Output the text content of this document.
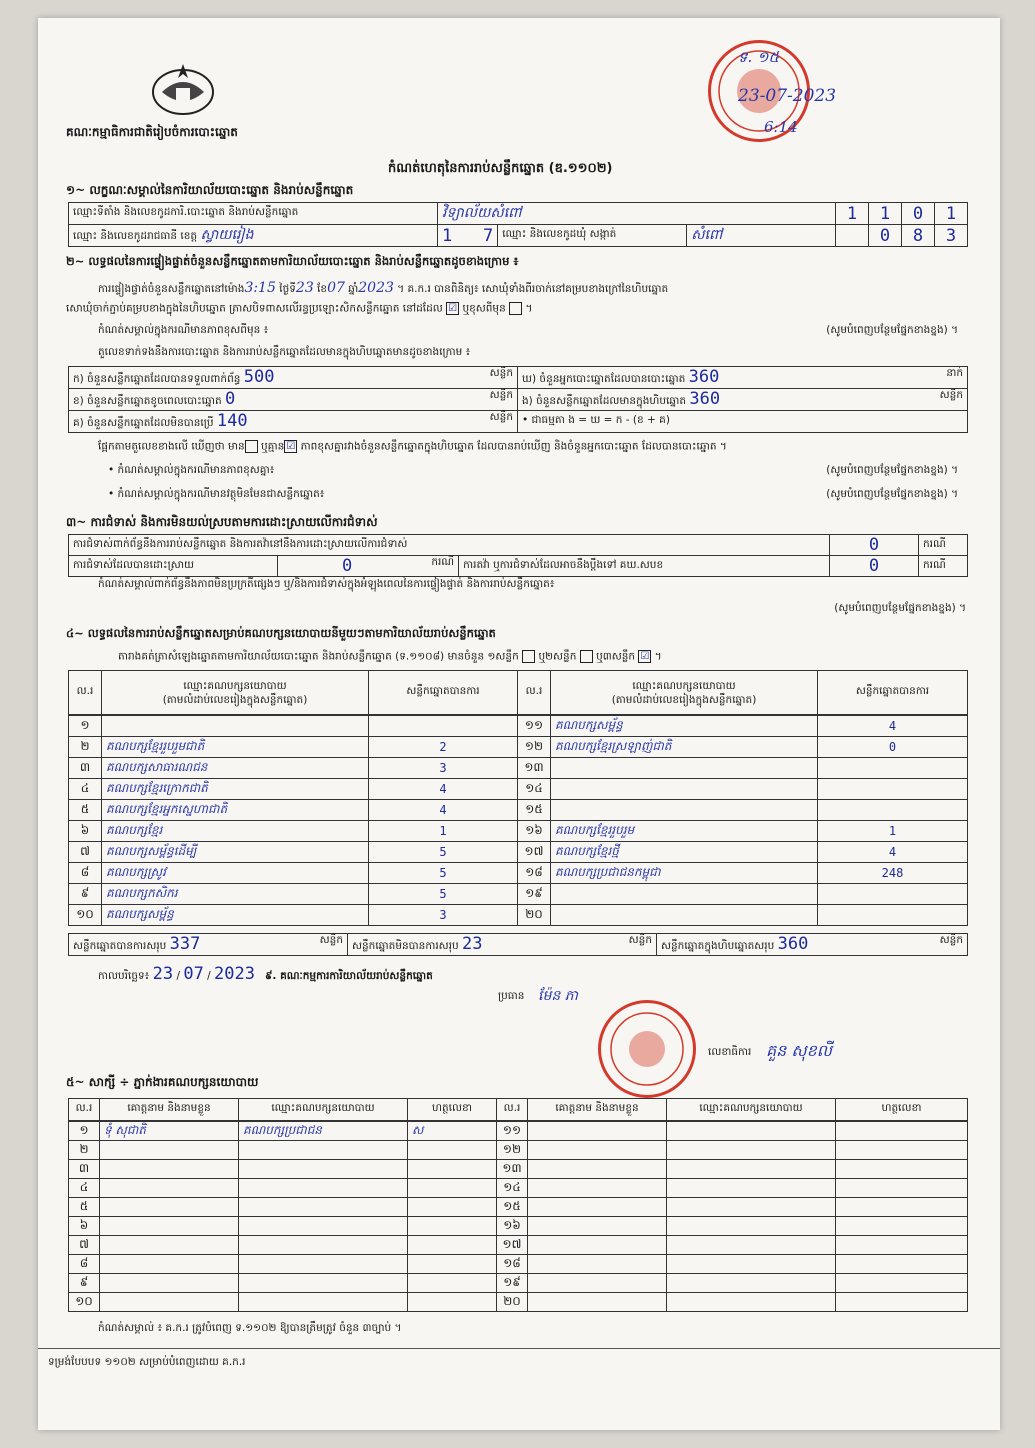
គណៈកម្មាធិការជាតិរៀបចំការបោះឆ្នោត
កំណត់ហេតុនៃការរាប់សន្លឹកឆ្នោត (ឌ.១១០២)
ទ. ១៥
23-07-2023
6:14
១~ លក្ខណៈសម្គាល់នៃការិយាល័យបោះឆ្នោត និងរាប់សន្លឹកឆ្នោត
ឈ្មោះទីតាំង និងលេខកូដការិ.បោះឆ្នោត និងរាប់សន្លឹកឆ្នោត	វិទ្យាល័យសំពៅ			1	1	0	1
ឈ្មោះ និងលេខកូដរាជធានី ខេត្ត ស្វាយរៀង	1 7	ឈ្មោះ និងលេខកូដឃុំ សង្កាត់	សំពៅ		0	8	3
២~ លទ្ធផលនៃការផ្ទៀងផ្ទាត់ចំនួនសន្លឹកឆ្នោតតាមការិយាល័យបោះឆ្នោត និងរាប់សន្លឹកឆ្នោតដូចខាងក្រោម ៖
ការផ្ទៀងផ្ទាត់ចំនួនសន្លឹកឆ្នោតនៅម៉ោង3:15 ថ្ងៃទី23 ខែ07 ឆ្នាំ2023 ។ គ.ក.រ បានពិនិត្យ៖ សោឃុំទាំងពីរចាក់នៅគម្របខាងក្រៅនៃហិបឆ្នោត
សោឃុំចាក់ភ្ជាប់គម្របខាងក្នុងនៃហិបឆ្នោត ត្រាសបិទពាសលើរន្ធប្រឡោះសិកសន្លឹកឆ្នោត នៅដដែល ☑ ឬខុសពីមុន  ។
កំណត់សម្គាល់ក្នុងករណីមានភាពខុសពីមុន ៖	(សូមបំពេញបន្ថែមផ្នែកខាងខ្នង) ។
តួលេខទាក់ទងនឹងការបោះឆ្នោត និងការរាប់សន្លឹកឆ្នោតដែលមានក្នុងហិបឆ្នោតមានដូចខាងក្រោម ៖
ក) ចំនួនសន្លឹកឆ្នោតដែលបានទទួលពាក់ព័ន្ធ 500 សន្លឹក	ឃ) ចំនួនអ្នកបោះឆ្នោតដែលបានបោះឆ្នោត 360 នាក់

ខ) ចំនួនសន្លឹកឆ្នោតខូចពេលបោះឆ្នោត 0 សន្លឹក	ង) ចំនួនសន្លឹកឆ្នោតដែលមានក្នុងហិបឆ្នោត 360 សន្លឹក

គ) ចំនួនសន្លឹកឆ្នោតដែលមិនបានប្រើ 140 សន្លឹក	• ជាធម្មតា ង = ឃ = ក - (ខ + គ)
ផ្អែកតាមតួលេខខាងលើ ឃើញថា មាន ឬគ្មាន ☑ ភាពខុសគ្នារវាងចំនួនសន្លឹកឆ្នោតក្នុងហិបឆ្នោត ដែលបានរាប់ឃើញ និងចំនួនអ្នកបោះឆ្នោត ដែលបានបោះឆ្នោត ។
• កំណត់សម្គាល់ក្នុងករណីមានភាពខុសគ្នា៖	(សូមបំពេញបន្ថែមផ្នែកខាងខ្នង) ។
• កំណត់សម្គាល់ក្នុងករណីមានវត្ថុមិនមែនជាសន្លឹកឆ្នោត៖	(សូមបំពេញបន្ថែមផ្នែកខាងខ្នង) ។
៣~ ការជំទាស់ និងការមិនយល់ស្របតាមការដោះស្រាយលើការជំទាស់
ការជំទាស់ពាក់ព័ន្ធនឹងការរាប់សន្លឹកឆ្នោត និងការតវ៉ានៅនឹងការដោះស្រាយលើការជំទាស់			0	ករណី
ការជំទាស់ដែលបានដោះស្រាយ	0 ករណី	ការតវ៉ា ឬការជំទាស់ដែលអាចនឹងប្ដឹងទៅ គឃ.សបខ	0	ករណី
កំណត់សម្គាល់ពាក់ព័ន្ធនឹងភាពមិនប្រក្រតីផ្សេងៗ ឬ/និងការជំទាស់ក្នុងអំឡុងពេលនៃការផ្ទៀងផ្ទាត់ និងការរាប់សន្លឹកឆ្នោត៖
(សូមបំពេញបន្ថែមផ្នែកខាងខ្នង) ។
៤~ លទ្ធផលនៃការរាប់សន្លឹកឆ្នោតសម្រាប់គណបក្សនយោបាយនីមួយៗតាមការិយាល័យរាប់សន្លឹកឆ្នោត
តារាងគត់ត្រាសំឡេងឆ្នោតតាមការិយាល័យបោះឆ្នោត និងរាប់សន្លឹកឆ្នោត (ទ.១១០៨) មានចំនួន ១សន្លឹក ឬ២សន្លឹក ឬ៣សន្លឹក ☑ ។
ល.រ	ឈ្មោះគណបក្សនយោបាយ
(តាមលំដាប់លេខរៀងក្នុងសន្លឹកឆ្នោត)	សន្លឹកឆ្នោតបានការ	ល.រ	ឈ្មោះគណបក្សនយោបាយ
(តាមលំដាប់លេខរៀងក្នុងសន្លឹកឆ្នោត)	សន្លឹកឆ្នោតបានការ
១			១១	គណបក្សសម្ព័ន្ធ	4
២	គណបក្សខ្មែររួបរួមជាតិ	2	១២	គណបក្សខ្មែរស្រឡាញ់ជាតិ	0
៣	គណបក្សសាធារណជន	3	១៣		
៤	គណបក្សខ្មែរក្រោកជាតិ	4	១៤		
៥	គណបក្សខ្មែរអ្នកស្នេហាជាតិ	4	១៥		
៦	គណបក្សខ្មែរ	1	១៦	គណបក្សខ្មែររួបរួម	1
៧	គណបក្សសម្ព័ន្ធដើម្បី	5	១៧	គណបក្សខ្មែរថ្មី	4
៨	គណបក្សស្រូវ	5	១៨	គណបក្សប្រជាជនកម្ពុជា	248
៩	គណបក្សកសិករ	5	១៩		
១០	គណបក្សសម្ព័ន្ធ	3	២០		
សន្លឹកឆ្នោតបានការសរុប 337	សន្លឹក	សន្លឹកឆ្នោតមិនបានការសរុប 23	សន្លឹក	សន្លឹកឆ្នោតក្នុងហិបឆ្នោតសរុប 360	សន្លឹក
កាលបរិច្ឆេទ៖ 23 / 07 / 2023 ៩. គណៈកម្មការការិយាល័យរាប់សន្លឹកឆ្នោត
ប្រធាន ម៉ែន ភា
លេខាធិការ គួន សុខលី
៥~ សាក្សី ÷ ភ្នាក់ងារគណបក្សនយោបាយ
ល.រ	គោត្តនាម និងនាមខ្លួន	ឈ្មោះគណបក្សនយោបាយ	ហត្ថលេខា	ល.រ	គោត្តនាម និងនាមខ្លួន	ឈ្មោះគណបក្សនយោបាយ	ហត្ថលេខា
១	ទុំ សុជាតិ	គណបក្សប្រជាជន	ស	១១			
២				១២			
៣				១៣			
៤				១៤			
៥				១៥			
៦				១៦			
៧				១៧			
៨				១៨			
៩				១៩			
១០				២០			
កំណត់សម្គាល់ ៖ គ.ក.រ ត្រូវបំពេញ ទ.១១០២ ឱ្យបានត្រឹមត្រូវ ចំនួន ៣ច្បាប់ ។
ទម្រង់បែបបទ ១១០២ សម្រាប់បំពេញដោយ គ.ក.រ
